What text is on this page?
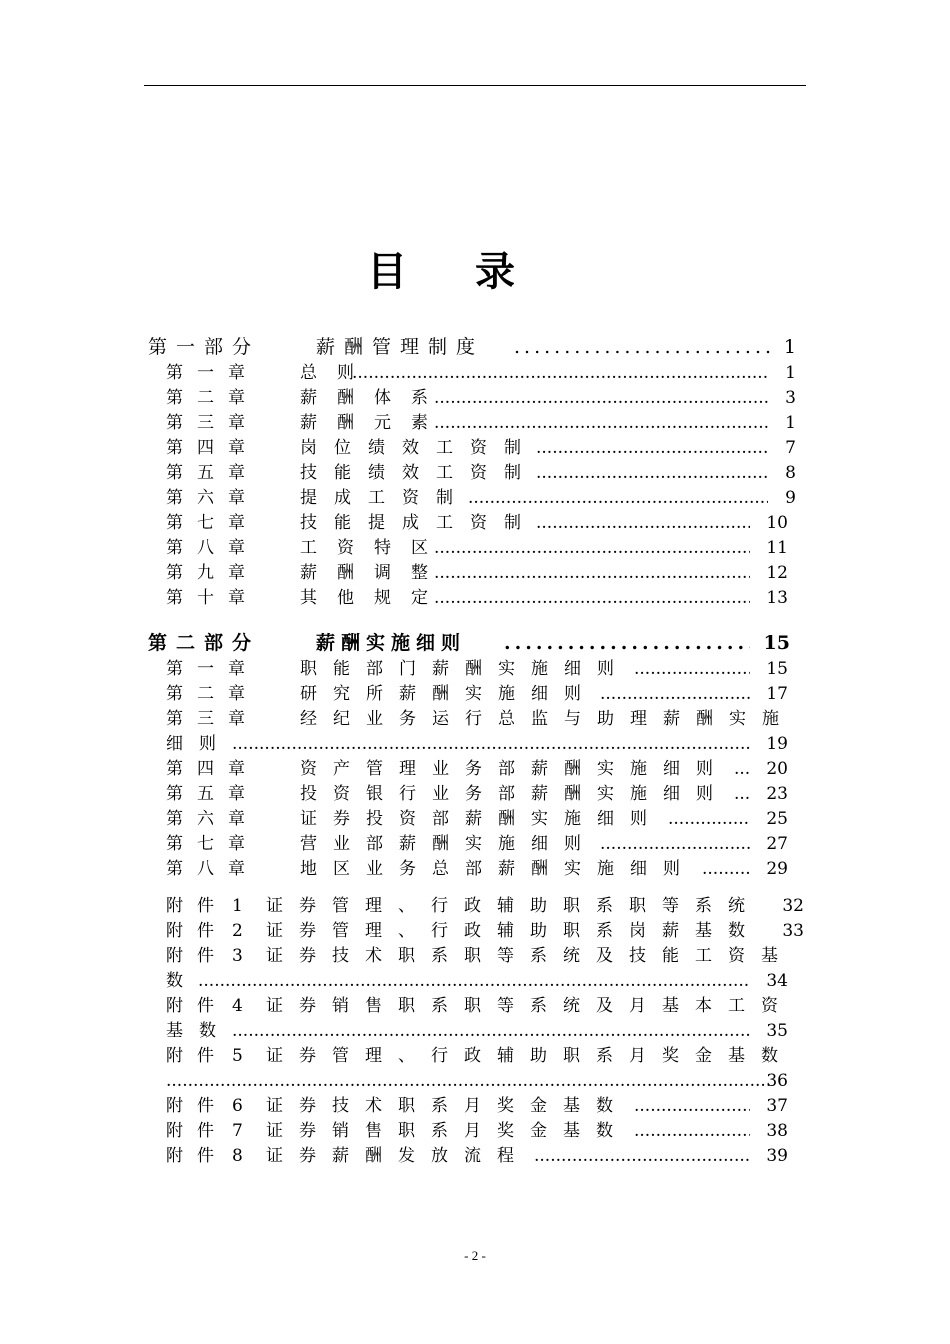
目录
第一部分	薪酬管理制度 .....	1
第一章 总则 .....	1
第二章 薪酬体系 .....	3
第三章 薪酬元素 .....	1
第四章 岗位绩效工资制 .....	7
第五章 技能绩效工资制 .....	8
第六章 提成工资制 .....	9
第七章 技能提成工资制 .....	10
第八章 工资特区 .....	11
第九章 薪酬调整 .....	12
第十章 其他规定 .....	13
第二部分	薪酬实施细则 .....	15
第一章 职能部门薪酬实施细则 .....	15
第二章 研究所薪酬实施细则 .....	17
第三章 经纪业务运行总监与助理薪酬实施
细则 .....	19
第四章 资产管理业务部薪酬实施细则 .....	20
第五章 投资银行业务部薪酬实施细则 .....	23
第六章 证券投资部薪酬实施细则 .....	25
第七章 营业部薪酬实施细则 .....	27
第八章 地区业务总部薪酬实施细则 .....	29
附件 1 证券管理、行政辅助职系职等系统	32
附件 2 证券管理、行政辅助职系岗薪基数	33
附件 3 证券技术职系职等系统及技能工资基
数 .....	34
附件 4 证券销售职系职等系统及月基本工资
基数 .....	35
附件 5 证券管理、行政辅助职系月奖金基数
.....
36
附件 6 证券技术职系月奖金基数 .....	37
附件 7 证券销售职系月奖金基数 .....	38
附件 8 证券薪酬发放流程 .....	39
- 2 -
